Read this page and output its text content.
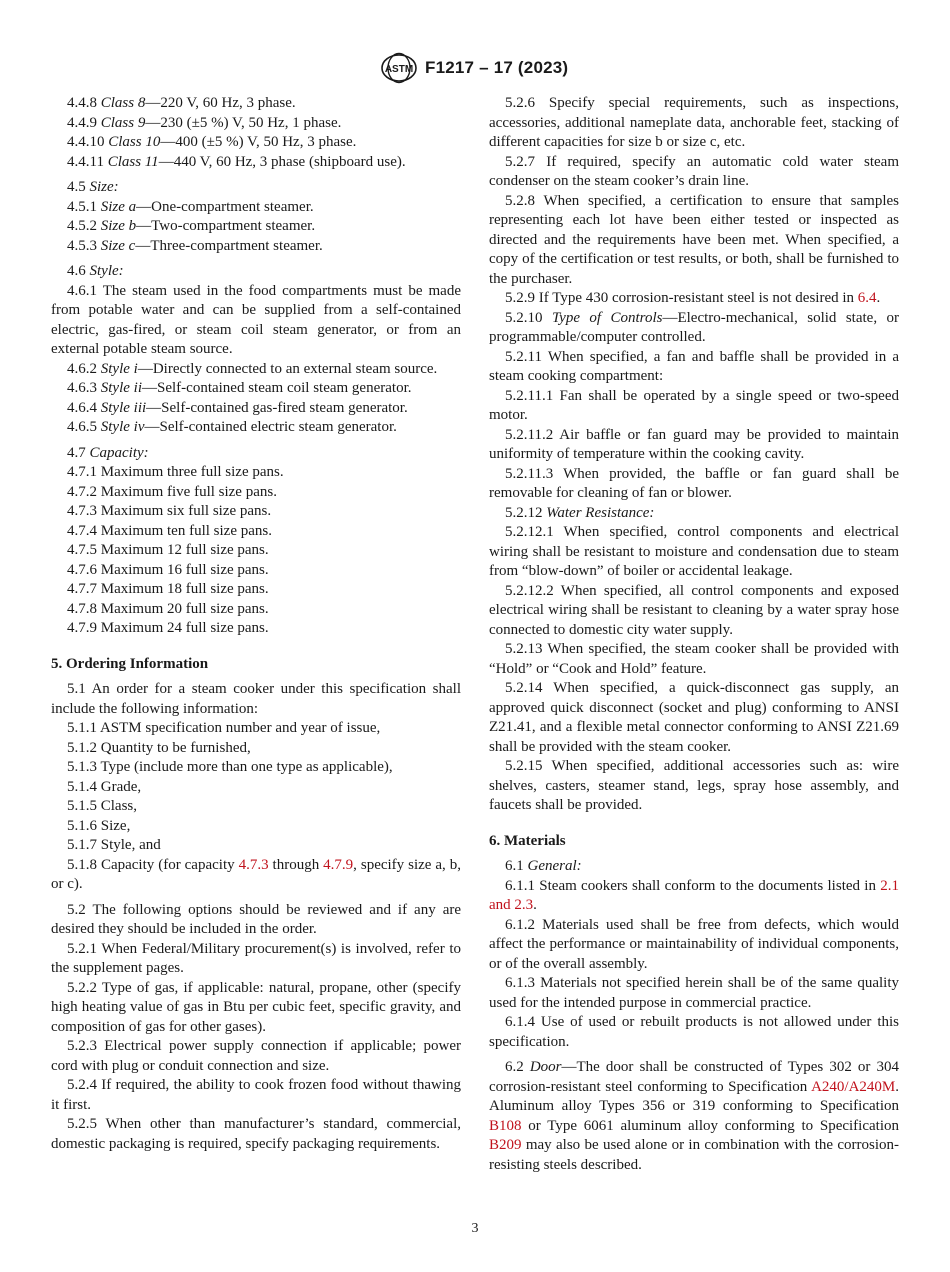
ASTM F1217 – 17 (2023)

4.4.8 Class 8—220 V, 60 Hz, 3 phase.

4.4.9 Class 9—230 (±5 %) V, 50 Hz, 1 phase.

4.4.10 Class 10—400 (±5 %) V, 50 Hz, 3 phase.

4.4.11 Class 11—440 V, 60 Hz, 3 phase (shipboard use).

4.5 Size:

4.5.1 Size a—One-compartment steamer.

4.5.2 Size b—Two-compartment steamer.

4.5.3 Size c—Three-compartment steamer.

4.6 Style:

4.6.1 The steam used in the food compartments must be made from potable water and can be supplied from a self-contained electric, gas-fired, or steam coil steam generator, or from an external potable steam source.

4.6.2 Style i—Directly connected to an external steam source.

4.6.3 Style ii—Self-contained steam coil steam generator.

4.6.4 Style iii—Self-contained gas-fired steam generator.

4.6.5 Style iv—Self-contained electric steam generator.

4.7 Capacity:

4.7.1 Maximum three full size pans.

4.7.2 Maximum five full size pans.

4.7.3 Maximum six full size pans.

4.7.4 Maximum ten full size pans.

4.7.5 Maximum 12 full size pans.

4.7.6 Maximum 16 full size pans.

4.7.7 Maximum 18 full size pans.

4.7.8 Maximum 20 full size pans.

4.7.9 Maximum 24 full size pans.

5. Ordering Information

5.1 An order for a steam cooker under this specification shall include the following information:

5.1.1 ASTM specification number and year of issue,

5.1.2 Quantity to be furnished,

5.1.3 Type (include more than one type as applicable),

5.1.4 Grade,

5.1.5 Class,

5.1.6 Size,

5.1.7 Style, and

5.1.8 Capacity (for capacity 4.7.3 through 4.7.9, specify size a, b, or c).

5.2 The following options should be reviewed and if any are desired they should be included in the order.

5.2.1 When Federal/Military procurement(s) is involved, refer to the supplement pages.

5.2.2 Type of gas, if applicable: natural, propane, other (specify high heating value of gas in Btu per cubic feet, specific gravity, and composition of gas for other gases).

5.2.3 Electrical power supply connection if applicable; power cord with plug or conduit connection and size.

5.2.4 If required, the ability to cook frozen food without thawing it first.

5.2.5 When other than manufacturer’s standard, commercial, domestic packaging is required, specify packaging requirements.

5.2.6 Specify special requirements, such as inspections, accessories, additional nameplate data, anchorable feet, stacking of different capacities for size b or size c, etc.

5.2.7 If required, specify an automatic cold water steam condenser on the steam cooker’s drain line.

5.2.8 When specified, a certification to ensure that samples representing each lot have been either tested or inspected as directed and the requirements have been met. When specified, a copy of the certification or test results, or both, shall be furnished to the purchaser.

5.2.9 If Type 430 corrosion-resistant steel is not desired in 6.4.

5.2.10 Type of Controls—Electro-mechanical, solid state, or programmable/computer controlled.

5.2.11 When specified, a fan and baffle shall be provided in a steam cooking compartment:

5.2.11.1 Fan shall be operated by a single speed or two-speed motor.

5.2.11.2 Air baffle or fan guard may be provided to maintain uniformity of temperature within the cooking cavity.

5.2.11.3 When provided, the baffle or fan guard shall be removable for cleaning of fan or blower.

5.2.12 Water Resistance:

5.2.12.1 When specified, control components and electrical wiring shall be resistant to moisture and condensation due to steam from “blow-down” of boiler or accidental leakage.

5.2.12.2 When specified, all control components and exposed electrical wiring shall be resistant to cleaning by a water spray hose connected to domestic city water supply.

5.2.13 When specified, the steam cooker shall be provided with “Hold” or “Cook and Hold” feature.

5.2.14 When specified, a quick-disconnect gas supply, an approved quick disconnect (socket and plug) conforming to ANSI Z21.41, and a flexible metal connector conforming to ANSI Z21.69 shall be provided with the steam cooker.

5.2.15 When specified, additional accessories such as: wire shelves, casters, steamer stand, legs, spray hose assembly, and faucets shall be provided.

6. Materials

6.1 General:

6.1.1 Steam cookers shall conform to the documents listed in 2.1 and 2.3.

6.1.2 Materials used shall be free from defects, which would affect the performance or maintainability of individual components, or of the overall assembly.

6.1.3 Materials not specified herein shall be of the same quality used for the intended purpose in commercial practice.

6.1.4 Use of used or rebuilt products is not allowed under this specification.

6.2 Door—The door shall be constructed of Types 302 or 304 corrosion-resistant steel conforming to Specification A240/A240M. Aluminum alloy Types 356 or 319 conforming to Specification B108 or Type 6061 aluminum alloy conforming to Specification B209 may also be used alone or in combination with the corrosion-resisting steels described.

3
